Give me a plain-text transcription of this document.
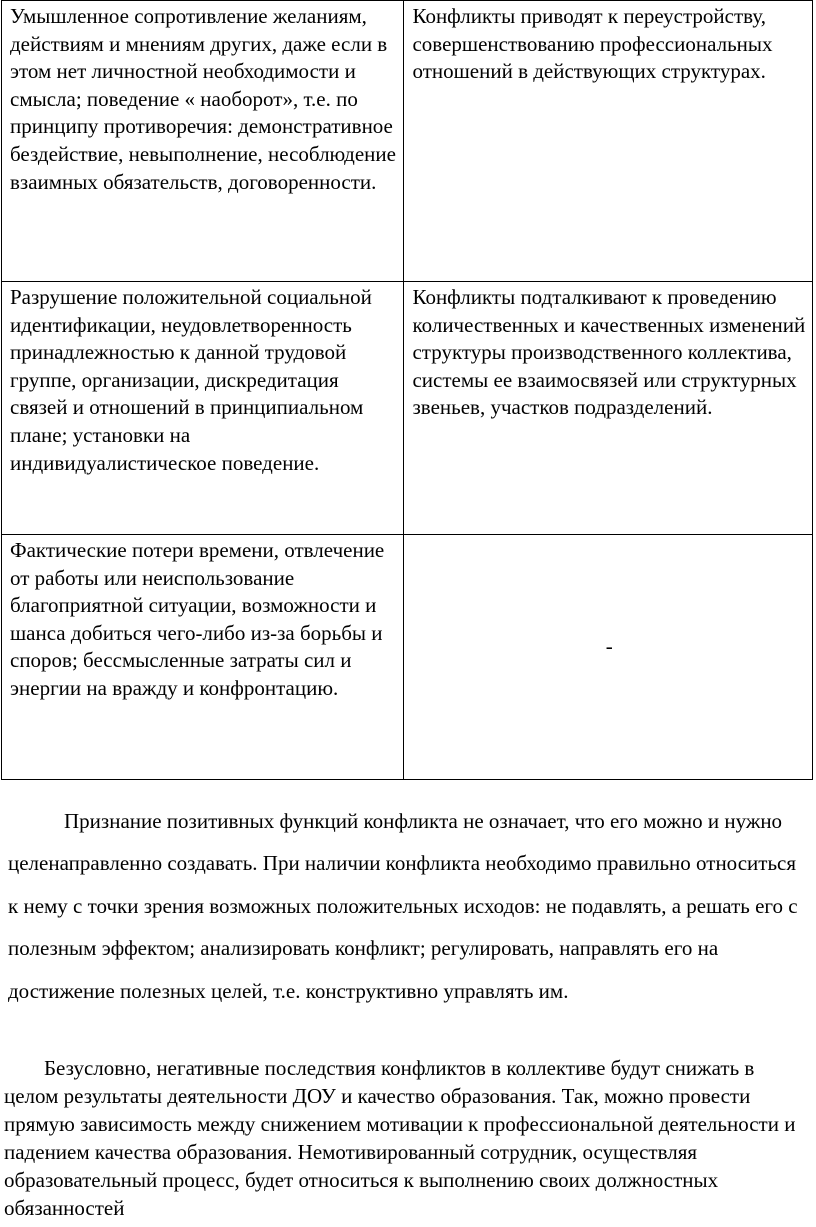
Умышленное сопротивление желаниям, действиям и мнениям других, даже если в этом нет личностной необходимости и смысла; поведение « наоборот», т.е. по принципу противоречия: демонстративное бездействие, невыполнение, несоблюдение взаимных обязательств, договоренности.	Конфликты приводят к переустройству, совершенствованию профессиональных отношений в действующих структурах.
Разрушение положительной социальной идентификации, неудовлетворенность принадлежностью к данной трудовой группе, организации, дискредитация связей и отношений в принципиальном плане; установки на индивидуалистическое поведение.	Конфликты подталкивают к проведению количественных и качественных изменений структуры производственного коллектива, системы ее взаимосвязей или структурных звеньев, участков подразделений.
Фактические потери времени, отвлечение от работы или неиспользование благоприятной ситуации, возможности и шанса добиться чего-либо из-за борьбы и споров; бессмысленные затраты сил и энергии на вражду и конфронтацию.	-

Признание позитивных функций конфликта не означает, что его можно и нужно целенаправленно создавать. При наличии конфликта необходимо правильно относиться к нему с точки зрения возможных положительных исходов: не подавлять, а решать его с полезным эффектом; анализировать конфликт; регулировать, направлять его на достижение полезных целей, т.е. конструктивно управлять им.

Безусловно, негативные последствия конфликтов в коллективе будут снижать в целом результаты деятельности ДОУ и качество образования. Так, можно провести прямую зависимость между снижением мотивации к профессиональной деятельности и падением качества образования. Немотивированный сотрудник, осуществляя образовательный процесс, будет относиться к выполнению своих должностных обязанностей
